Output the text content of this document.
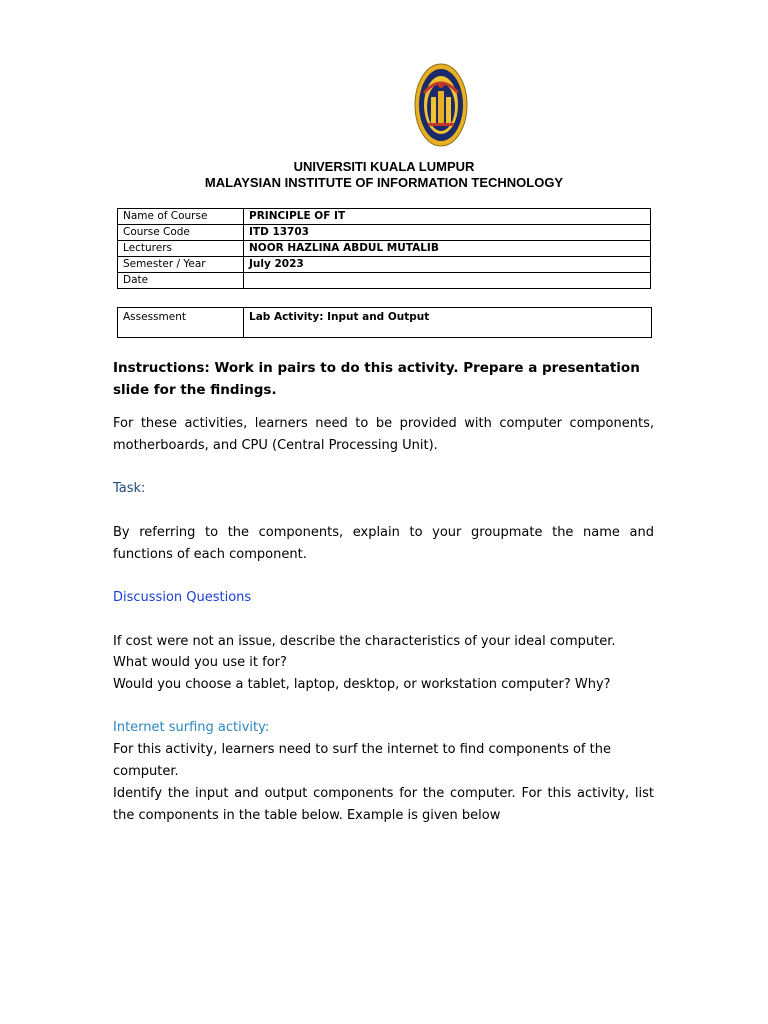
UNIVERSITI KUALA LUMPUR
MALAYSIAN INSTITUTE OF INFORMATION TECHNOLOGY
Name of Course	PRINCIPLE OF IT
Course Code	ITD 13703
Lecturers	NOOR HAZLINA ABDUL MUTALIB
Semester / Year	July 2023
Date	
Assessment	Lab Activity: Input and Output
Instructions: Work in pairs to do this activity. Prepare a presentation slide for the findings.
For these activities, learners need to be provided with computer components, motherboards, and CPU (Central Processing Unit).
Task:
By referring to the components, explain to your groupmate the name and functions of each component.
Discussion Questions
If cost were not an issue, describe the characteristics of your ideal computer.
What would you use it for?
Would you choose a tablet, laptop, desktop, or workstation computer? Why?
Internet surfing activity:
For this activity, learners need to surf the internet to find components of the computer.
Identify the input and output components for the computer. For this activity, list the components in the table below. Example is given below
